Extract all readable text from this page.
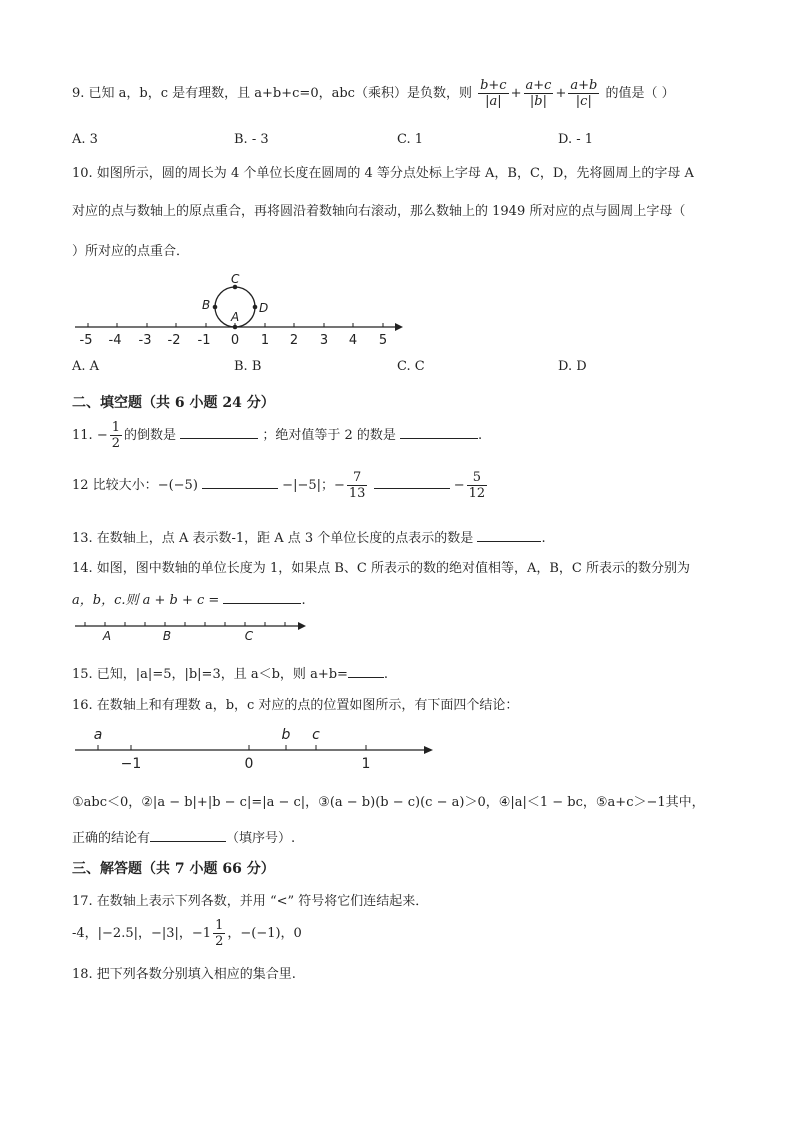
9. 已知 a，b，c 是有理数，且 a+b+c=0，abc（乘积）是负数，则 $\frac{b+c}{|a|} + \frac{a+c}{|b|} + \frac{a+b}{|c|}$ 的值是（ ）
A. 3	B. - 3	C. 1	D. - 1
10. 如图所示，圆的周长为 4 个单位长度在圆周的 4 等分点处标上字母 A，B，C，D，先将圆周上的字母 A
对应的点与数轴上的原点重合，再将圆沿着数轴向右滚动，那么数轴上的 1949 所对应的点与圆周上字母（
）所对应的点重合．
-5 -4 -3 -2 -1 0 1 2 3 4 5
A
B
C
D
A. A	B. B	C. C	D. D
二、填空题（共 6 小题 24 分）
11. − $\frac{1}{2}$ 的倒数是	；绝对值等于 2 的数是	.
12 比较大小：−(−5)	−|−5|；− $\frac{7}{13}$	− $\frac{5}{12}$
13. 在数轴上，点 A 表示数-1，距 A 点 3 个单位长度的点表示的数是	.
14. 如图，图中数轴的单位长度为 1，如果点 B、C 所表示的数的绝对值相等，A，B，C 所表示的数分别为
a，b，c.则 a + b + c =	.
A	B	C
15. 已知，|a|=5，|b|=3，且 a＜b，则 a+b=	.
16. 在数轴上和有理数 a，b，c 对应的点的位置如图所示，有下面四个结论：
a	b c
−1	0	1
①abc＜0，②|a − b|+|b − c|=|a − c|，③(a − b)(b − c)(c − a)＞0，④|a|＜1 − bc，⑤a+c＞−1其中，
正确的结论有	（填序号）.
三、解答题（共 7 小题 66 分）
17. 在数轴上表示下列各数，并用 “<” 符号将它们连结起来．
-4，|−2.5|，−|3|，$-1 \frac{1}{2}$ ，−(−1)，0
18. 把下列各数分别填入相应的集合里.
